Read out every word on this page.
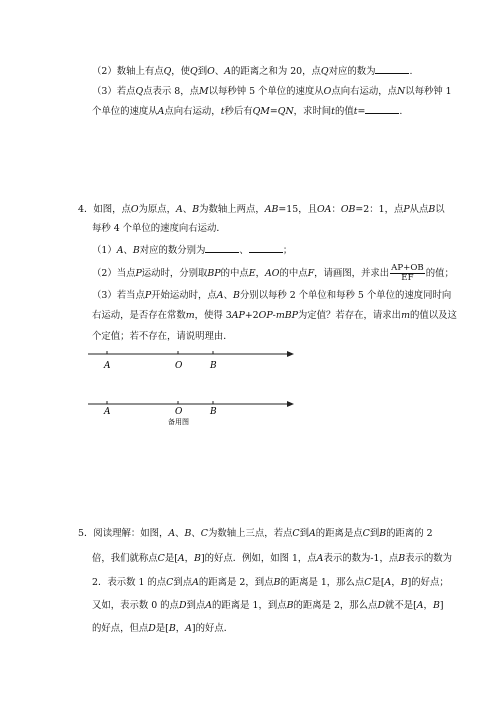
（2）数轴上有点Q，使Q到O、A的距离之和为 20，点Q对应的数为	.
（3）若点Q点表示 8，点M以每秒钟 5 个单位的速度从O点向右运动，点N以每秒钟 1
个单位的速度从A点向右运动，t秒后有QM=QN，求时间t的值t=	.
4．如图，点O为原点，A、B为数轴上两点，AB=15，且OA：OB=2：1，点P从点B以
每秒 4 个单位的速度向右运动．
（1）A、B对应的数分别为	、	；
（2）当点P运动时，分别取BP的中点E，AO的中点F，请画图，并求出 $\frac{AP+OB}{EF}$ 的值；
（3）若当点P开始运动时，点A、B分别以每秒 2 个单位和每秒 5 个单位的速度同时向
右运动，是否存在常数m，使得 3AP+2OP-mBP为定值？若存在，请求出m的值以及这
个定值；若不存在，请说明理由．
A	O	B
A	O	B
备用图
5．阅读理解：如图，A、B、C为数轴上三点，若点C到A的距离是点C到B的距离的 2
倍，我们就称点C是[A，B]的好点．例如，如图 1，点A表示的数为-1，点B表示的数为
2．表示数 1 的点C到点A的距离是 2，到点B的距离是 1，那么点C是[A，B]的好点；
又如，表示数 0 的点D到点A的距离是 1，到点B的距离是 2，那么点D就不是[A，B]
的好点，但点D是[B，A]的好点．
